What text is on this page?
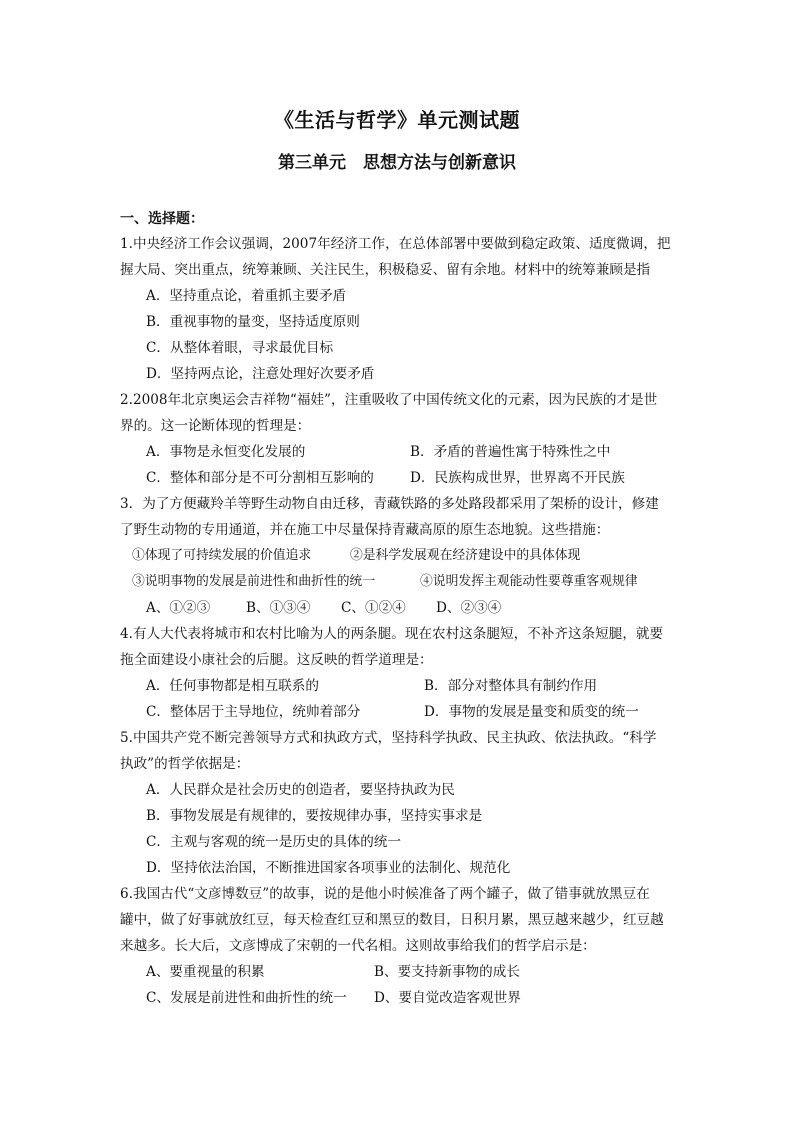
《生活与哲学》单元测试题
第三单元　思想方法与创新意识
一、选择题：
1.中央经济工作会议强调，2007年经济工作，在总体部署中要做到稳定政策、适度微调，把
握大局、突出重点，统筹兼顾、关注民生，积极稳妥、留有余地。材料中的统筹兼顾是指
A．坚持重点论，着重抓主要矛盾
B．重视事物的量变，坚持适度原则
C．从整体着眼，寻求最优目标
D．坚持两点论，注意处理好次要矛盾
2.2008年北京奥运会吉祥物“福娃”，注重吸收了中国传统文化的元素，因为民族的才是世
界的。这一论断体现的哲理是：
A．事物是永恒变化发展的	B．矛盾的普遍性寓于特殊性之中
C．整体和部分是不可分割相互影响的	D．民族构成世界，世界离不开民族
3．为了方便藏羚羊等野生动物自由迁移，青藏铁路的多处路段都采用了架桥的设计，修建
了野生动物的专用通道，并在施工中尽量保持青藏高原的原生态地貌。这些措施：
①体现了可持续发展的价值追求	②是科学发展观在经济建设中的具体体现
③说明事物的发展是前进性和曲折性的统一	④说明发挥主观能动性要尊重客观规律
A、①②③	B、①③④ C、①②④ D、②③④
4.有人大代表将城市和农村比喻为人的两条腿。现在农村这条腿短，不补齐这条短腿，就要
拖全面建设小康社会的后腿。这反映的哲学道理是：
A．任何事物都是相互联系的	B．部分对整体具有制约作用
C．整体居于主导地位，统帅着部分	D．事物的发展是量变和质变的统一
5.中国共产党不断完善领导方式和执政方式，坚持科学执政、民主执政、依法执政。“科学
执政”的哲学依据是：
A．人民群众是社会历史的创造者，要坚持执政为民
B．事物发展是有规律的，要按规律办事，坚持实事求是
C．主观与客观的统一是历史的具体的统一
D．坚持依法治国，不断推进国家各项事业的法制化、规范化
6.我国古代“文彦博数豆”的故事，说的是他小时候准备了两个罐子，做了错事就放黑豆在
罐中，做了好事就放红豆，每天检查红豆和黑豆的数目，日积月累，黑豆越来越少，红豆越
来越多。长大后，文彦博成了宋朝的一代名相。这则故事给我们的哲学启示是：
A、要重视量的积累	B、要支持新事物的成长
C、发展是前进性和曲折性的统一 D、要自觉改造客观世界
